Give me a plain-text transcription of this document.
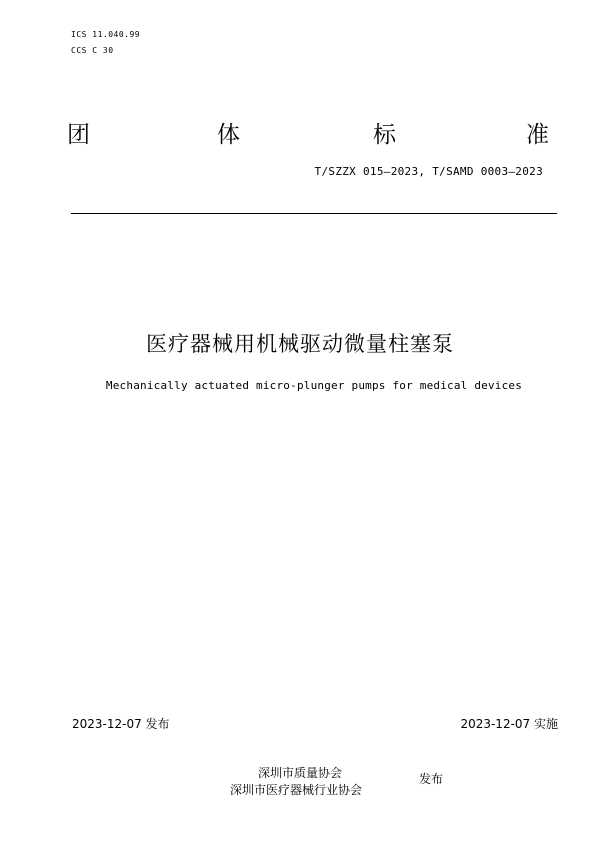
ICS 11.040.99
CCS C 30
团	体	标	准
T/SZZX 015—2023, T/SAMD 0003—2023
医疗器械用机械驱动微量柱塞泵
Mechanically actuated micro-plunger pumps for medical devices
2023-12-07 发布	2023-12-07 实施
深圳市质量协会
深圳市医疗器械行业协会
发布
